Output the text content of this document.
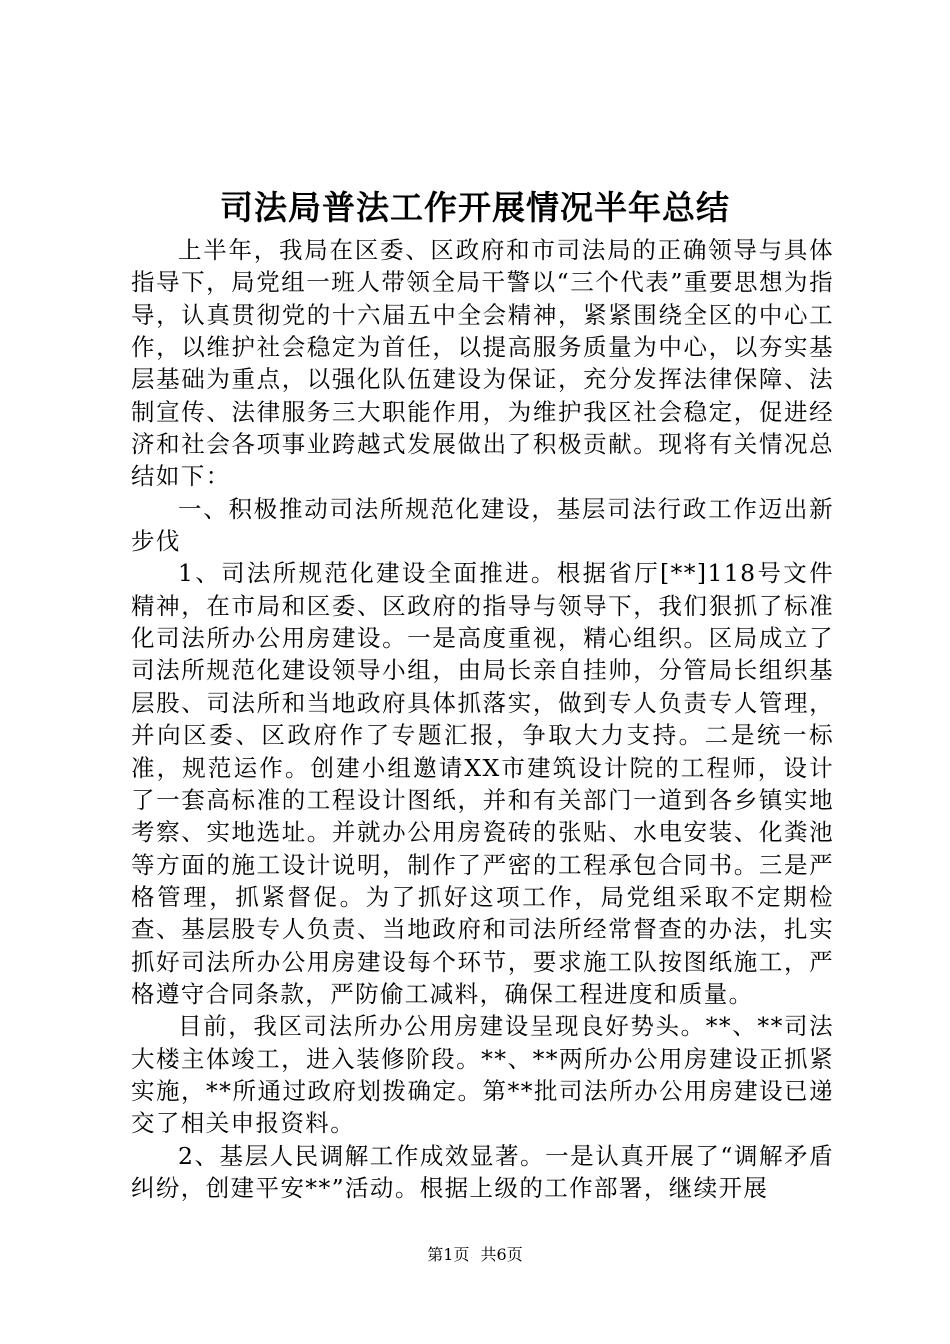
司法局普法工作开展情况半年总结

上半年，我局在区委、区政府和市司法局的正确领导与具体指导下，局党组一班人带领全局干警以“三个代表”重要思想为指导，认真贯彻党的十六届五中全会精神，紧紧围绕全区的中心工作，以维护社会稳定为首任，以提高服务质量为中心，以夯实基层基础为重点，以强化队伍建设为保证，充分发挥法律保障、法制宣传、法律服务三大职能作用，为维护我区社会稳定，促进经济和社会各项事业跨越式发展做出了积极贡献。现将有关情况总结如下：

一、积极推动司法所规范化建设，基层司法行政工作迈出新步伐

1、司法所规范化建设全面推进。根据省厅[**]118号文件精神，在市局和区委、区政府的指导与领导下，我们狠抓了标准化司法所办公用房建设。一是高度重视，精心组织。区局成立了司法所规范化建设领导小组，由局长亲自挂帅，分管局长组织基层股、司法所和当地政府具体抓落实，做到专人负责专人管理，并向区委、区政府作了专题汇报，争取大力支持。二是统一标准，规范运作。创建小组邀请XX市建筑设计院的工程师，设计了一套高标准的工程设计图纸，并和有关部门一道到各乡镇实地考察、实地选址。并就办公用房瓷砖的张贴、水电安装、化粪池等方面的施工设计说明，制作了严密的工程承包合同书。三是严格管理，抓紧督促。为了抓好这项工作，局党组采取不定期检查、基层股专人负责、当地政府和司法所经常督查的办法，扎实抓好司法所办公用房建设每个环节，要求施工队按图纸施工，严格遵守合同条款，严防偷工减料，确保工程进度和质量。

目前，我区司法所办公用房建设呈现良好势头。**、**司法大楼主体竣工，进入装修阶段。**、**两所办公用房建设正抓紧实施，**所通过政府划拨确定。第**批司法所办公用房建设已递交了相关申报资料。

2、基层人民调解工作成效显著。一是认真开展了“调解矛盾纠纷，创建平安**”活动。根据上级的工作部署，继续开展

第1页 共6页
